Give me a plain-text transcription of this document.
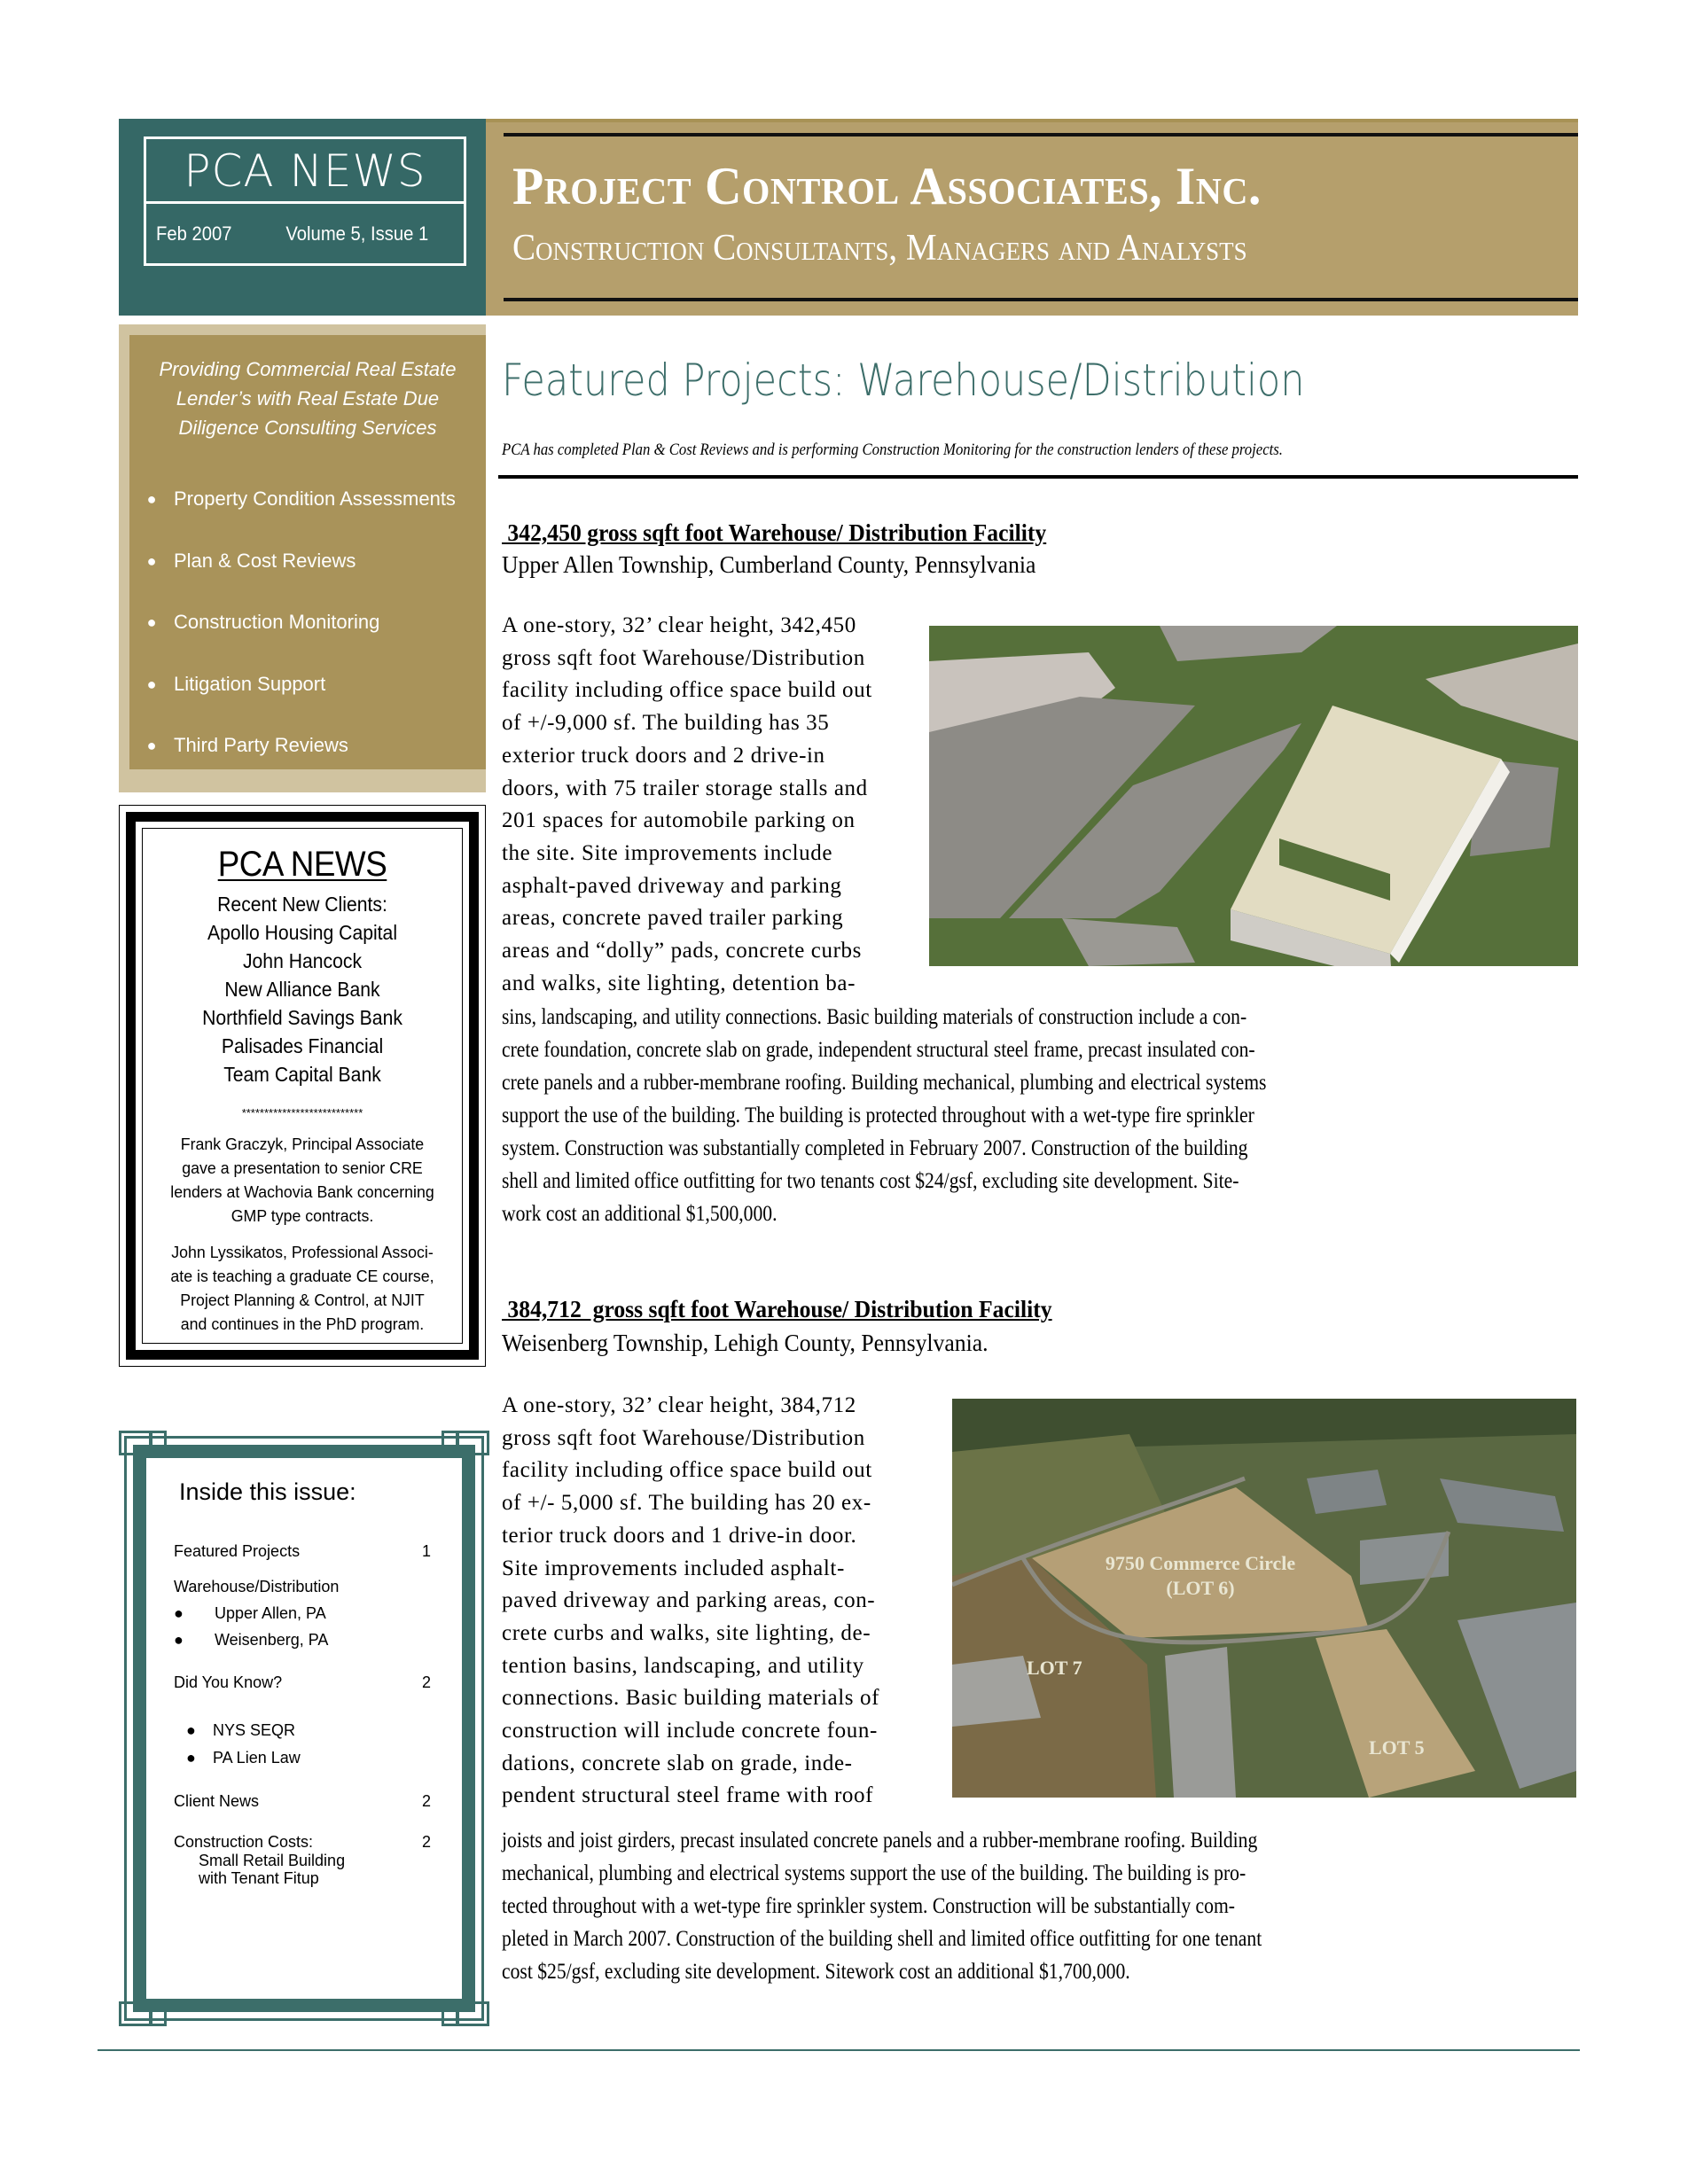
PCA NEWS
Feb 2007	Volume 5, Issue 1
Project Control Associates, Inc.
Construction Consultants, Managers and Analysts
Providing Commercial Real Estate
Lender’s with Real Estate Due
Diligence Consulting Services
● Property Condition Assessments
● Plan & Cost Reviews
● Construction Monitoring
● Litigation Support
● Third Party Reviews
PCA NEWS
Recent New Clients:
Apollo Housing Capital
John Hancock
New Alliance Bank
Northfield Savings Bank
Palisades Financial
Team Capital Bank
***************************
Frank Graczyk, Principal Associate
gave a presentation to senior CRE
lenders at Wachovia Bank concerning
GMP type contracts.
John Lyssikatos, Professional Associ-
ate is teaching a graduate CE course,
Project Planning & Control, at NJIT
and continues in the PhD program.
Inside this issue:
Featured Projects	1
Warehouse/Distribution
●	Upper Allen, PA
●	Weisenberg, PA
Did You Know?	2
●	NYS SEQR
●	PA Lien Law
Client News	2
Construction Costs:	2
Small Retail Building
with Tenant Fitup
Featured Projects: Warehouse/Distribution
PCA has completed Plan & Cost Reviews and is performing Construction Monitoring for the construction lenders of these projects.
342,450 gross sqft foot Warehouse/ Distribution Facility
Upper Allen Township, Cumberland County, Pennsylvania
A one-story, 32’ clear height, 342,450
gross sqft foot Warehouse/Distribution
facility including office space build out
of +/-9,000 sf. The building has 35
exterior truck doors and 2 drive-in
doors, with 75 trailer storage stalls and
201 spaces for automobile parking on
the site. Site improvements include
asphalt-paved driveway and parking
areas, concrete paved trailer parking
areas and “dolly” pads, concrete curbs
and walks, site lighting, detention ba-
sins, landscaping, and utility connections. Basic building materials of construction include a con-
crete foundation, concrete slab on grade, independent structural steel frame, precast insulated con-
crete panels and a rubber-membrane roofing. Building mechanical, plumbing and electrical systems
support the use of the building. The building is protected throughout with a wet-type fire sprinkler
system. Construction was substantially completed in February 2007. Construction of the building
shell and limited office outfitting for two tenants cost $24/gsf, excluding site development. Site-
work cost an additional $1,500,000.
384,712  gross sqft foot Warehouse/ Distribution Facility
Weisenberg Township, Lehigh County, Pennsylvania.
A one-story, 32’ clear height, 384,712
gross sqft foot Warehouse/Distribution
facility including office space build out
of +/- 5,000 sf. The building has 20 ex-
terior truck doors and 1 drive-in door.
Site improvements included asphalt-
paved driveway and parking areas, con-
crete curbs and walks, site lighting, de-
tention basins, landscaping, and utility
connections. Basic building materials of
construction will include concrete foun-
dations, concrete slab on grade, inde-
pendent structural steel frame with roof
joists and joist girders, precast insulated concrete panels and a rubber-membrane roofing. Building
mechanical, plumbing and electrical systems support the use of the building. The building is pro-
tected throughout with a wet-type fire sprinkler system. Construction will be substantially com-
pleted in March 2007. Construction of the building shell and limited office outfitting for one tenant
cost $25/gsf, excluding site development. Sitework cost an additional $1,700,000.
9750 Commerce Circle
(LOT 6)
LOT 7
LOT 5
